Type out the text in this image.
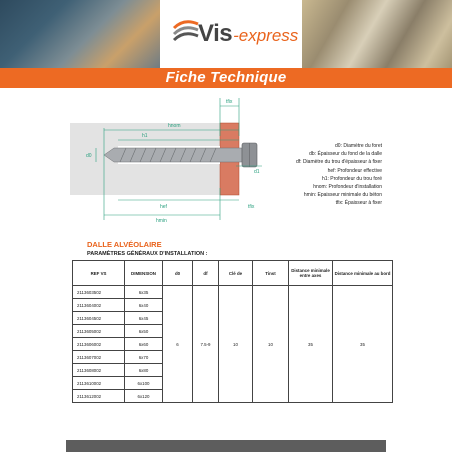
Vis-express
Fiche Technique
tfix
h1
hnom
d0
hef
hmin
tfix
d1
d0: Diamètre du foret
db: Épaisseur du fond de la dalle
df: Diamètre du trou d'épaisseur à fixer
hef: Profondeur effective
h1: Profondeur du trou foré
hnom: Profondeur d'installation
hmin: Epaisseur minimale du béton
tfix: Épaisseur à fixer
DALLE ALVÉOLAIRE
PARAMÈTRES GÉNÉRAUX D'INSTALLATION :
REF VS	DIMENSION	d0	df	Clé de	Tinst	Distance minimale entre axes	Distance minimale au bord
2113603502	6x35	6	7.5-9	10	10	35	35
2113604002	6x40						
2113604502	6x45						
2113605002	6x50						
2113606002	6x60						
2113607002	6x70						
2113608002	6x80						
2113610002	6x100						
2113612002	6x120						
